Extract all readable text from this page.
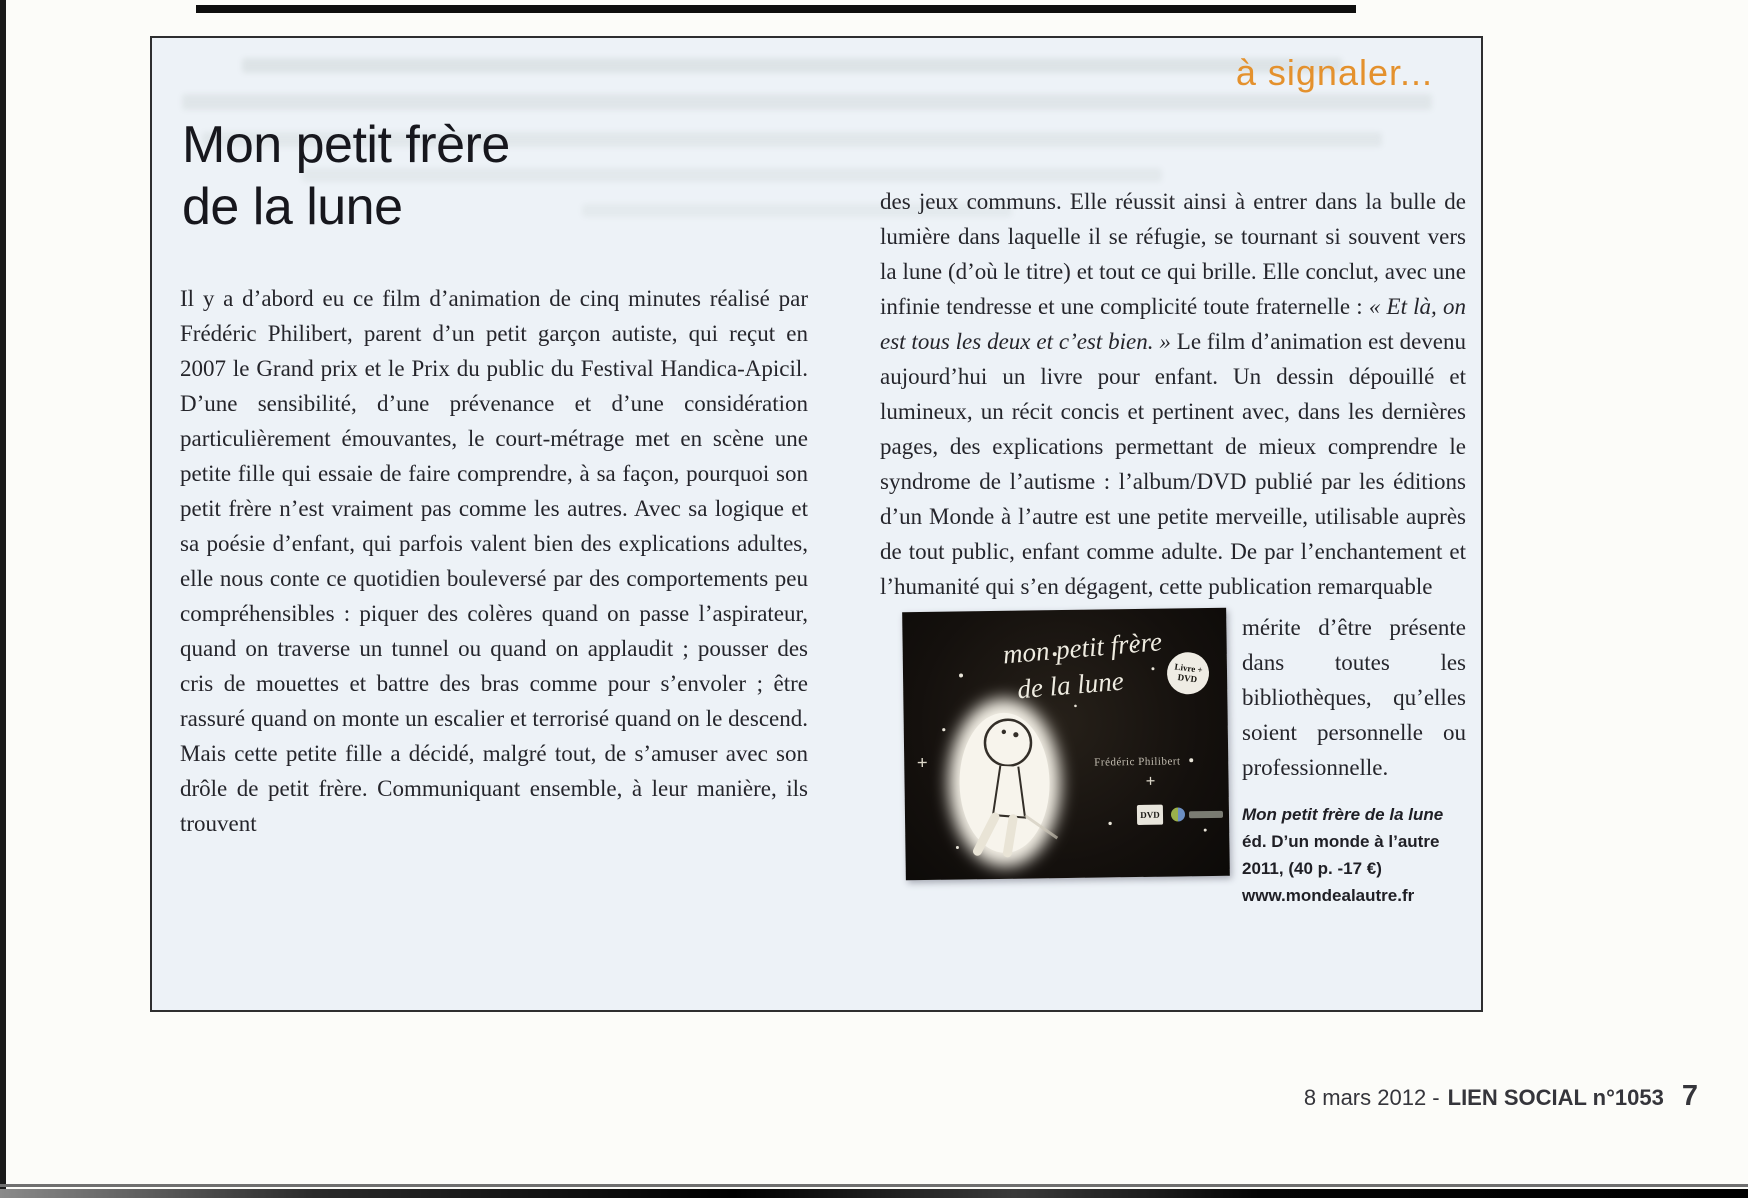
à signaler...
Mon petit frère
de la lune

Il y a d’abord eu ce film d’animation de cinq minutes réalisé par Frédéric Philibert, parent d’un petit garçon autiste, qui reçut en 2007 le Grand prix et le Prix du public du Festival Handica-Apicil. D’une sensibilité, d’une prévenance et d’une considération particulièrement émouvantes, le court-métrage met en scène une petite fille qui essaie de faire comprendre, à sa façon, pourquoi son petit frère n’est vraiment pas comme les autres. Avec sa logique et sa poésie d’enfant, qui parfois valent bien des explications adultes, elle nous conte ce quotidien bouleversé par des comportements peu compréhensibles : piquer des colères quand on passe l’aspirateur, quand on traverse un tunnel ou quand on applaudit ; pousser des cris de mouettes et battre des bras comme pour s’envoler ; être rassuré quand on monte un escalier et terrorisé quand on le descend. Mais cette petite fille a décidé, malgré tout, de s’amuser avec son drôle de petit frère. Communiquant ensemble, à leur manière, ils trouvent

des jeux communs. Elle réussit ainsi à entrer dans la bulle de lumière dans laquelle il se réfugie, se tournant si souvent vers la lune (d’où le titre) et tout ce qui brille. Elle conclut, avec une infinie tendresse et une complicité toute fraternelle : « Et là, on est tous les deux et c’est bien. » Le film d’animation est devenu aujourd’hui un livre pour enfant. Un dessin dépouillé et lumineux, un récit concis et pertinent avec, dans les dernières pages, des explications permettant de mieux comprendre le syndrome de l’autisme : l’album/DVD publié par les éditions d’un Monde à l’autre est une petite merveille, utilisable auprès de tout public, enfant comme adulte. De par l’enchantement et l’humanité qui s’en dégagent, cette publication remarquable

mon petit frère
de la lune
Frédéric Philibert
Livre + DVD
DVD

mérite d’être présente dans toutes les bibliothèques, qu’elles soient personnelle ou professionnelle.

Mon petit frère de la lune
éd. D’un monde à l’autre
2011, (40 p. -17 €)
www.mondealautre.fr
8 mars 2012 - LIEN SOCIAL n°1053 7
